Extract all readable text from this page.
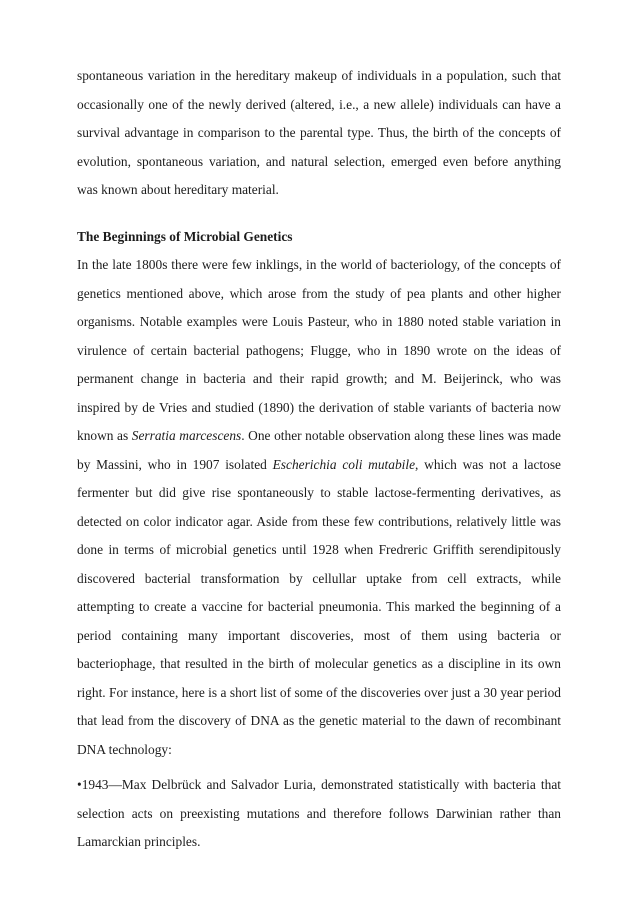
spontaneous variation in the hereditary makeup of individuals in a population, such that occasionally one of the newly derived (altered, i.e., a new allele) individuals can have a survival advantage in comparison to the parental type. Thus, the birth of the concepts of evolution, spontaneous variation, and natural selection, emerged even before anything was known about hereditary material.

The Beginnings of Microbial Genetics

In the late 1800s there were few inklings, in the world of bacteriology, of the concepts of genetics mentioned above, which arose from the study of pea plants and other higher organisms. Notable examples were Louis Pasteur, who in 1880 noted stable variation in virulence of certain bacterial pathogens; Flugge, who in 1890 wrote on the ideas of permanent change in bacteria and their rapid growth; and M. Beijerinck, who was inspired by de Vries and studied (1890) the derivation of stable variants of bacteria now known as Serratia marcescens. One other notable observation along these lines was made by Massini, who in 1907 isolated Escherichia coli mutabile, which was not a lactose fermenter but did give rise spontaneously to stable lactose-fermenting derivatives, as detected on color indicator agar. Aside from these few contributions, relatively little was done in terms of microbial genetics until 1928 when Fredreric Griffith serendipitously discovered bacterial transformation by cellullar uptake from cell extracts, while attempting to create a vaccine for bacterial pneumonia. This marked the beginning of a period containing many important discoveries, most of them using bacteria or bacteriophage, that resulted in the birth of molecular genetics as a discipline in its own right. For instance, here is a short list of some of the discoveries over just a 30 year period that lead from the discovery of DNA as the genetic material to the dawn of recombinant DNA technology:

•1943—Max Delbrück and Salvador Luria, demonstrated statistically with bacteria that selection acts on preexisting mutations and therefore follows Darwinian rather than Lamarckian principles.
